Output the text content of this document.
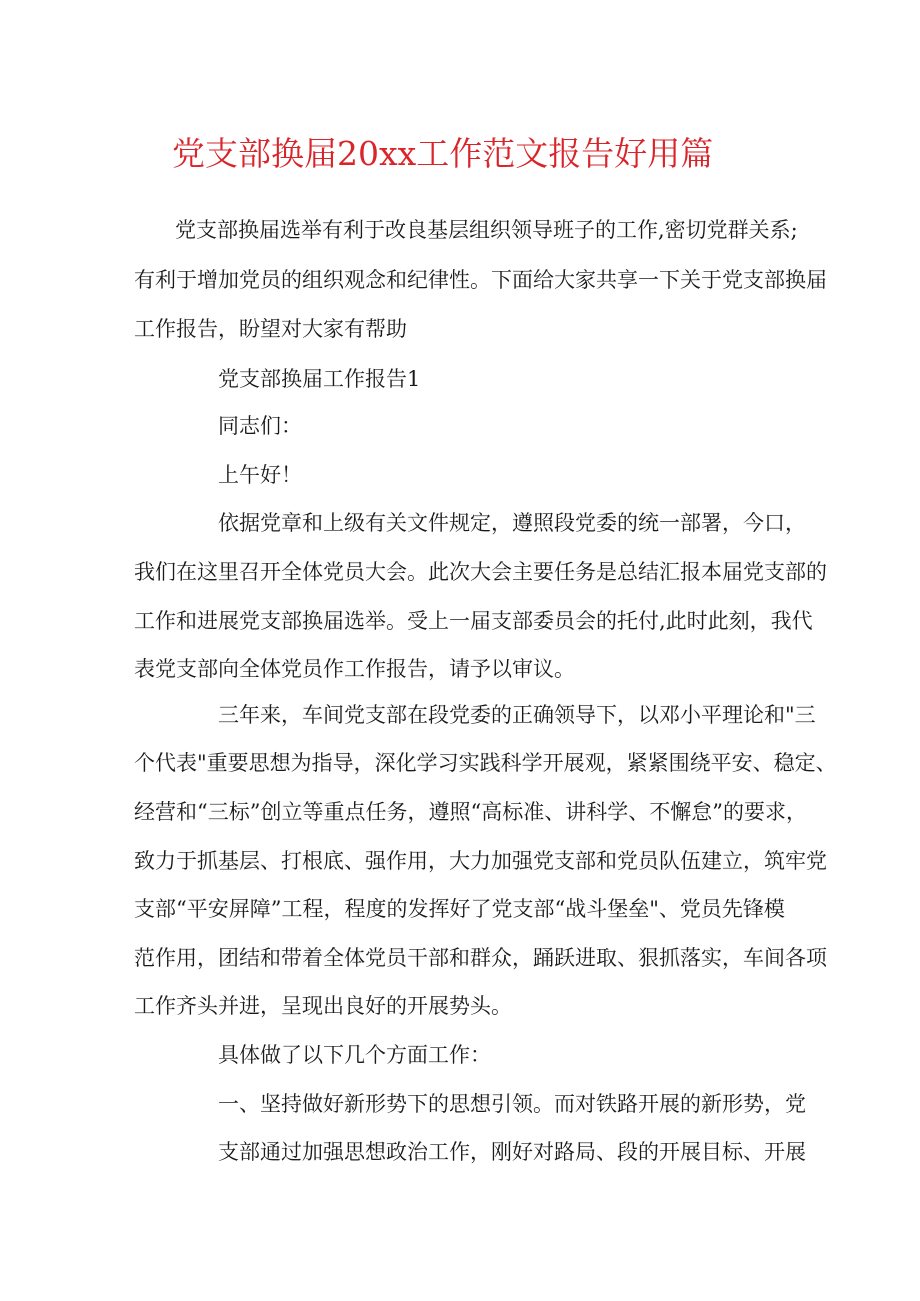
党支部换届20xx工作范文报告好用篇
党支部换届选举有利于改良基层组织领导班子的工作,密切党群关系;
有利于增加党员的组织观念和纪律性。下面给大家共享一下关于党支部换届
工作报告，盼望对大家有帮助
党支部换届工作报告1
同志们：
上午好！
依据党章和上级有关文件规定，遵照段党委的统一部署，今口，
我们在这里召开全体党员大会。此次大会主要任务是总结汇报本届党支部的
工作和进展党支部换届选举。受上一届支部委员会的托付,此时此刻，我代
表党支部向全体党员作工作报告，请予以审议。
三年来，车间党支部在段党委的正确领导下，以邓小平理论和"三
个代表"重要思想为指导，深化学习实践科学开展观，紧紧围绕平安、稳定、
经营和“三标”创立等重点任务，遵照“高标准、讲科学、不懈怠”的要求，
致力于抓基层、打根底、强作用，大力加强党支部和党员队伍建立，筑牢党
支部“平安屏障”工程，程度的发挥好了党支部“战斗堡垒"、党员先锋模
范作用，团结和带着全体党员干部和群众，踊跃进取、狠抓落实，车间各项
工作齐头并进，呈现出良好的开展势头。
具体做了以下几个方面工作：
一、坚持做好新形势下的思想引领。而对铁路开展的新形势，党
支部通过加强思想政治工作，刚好对路局、段的开展目标、开展
